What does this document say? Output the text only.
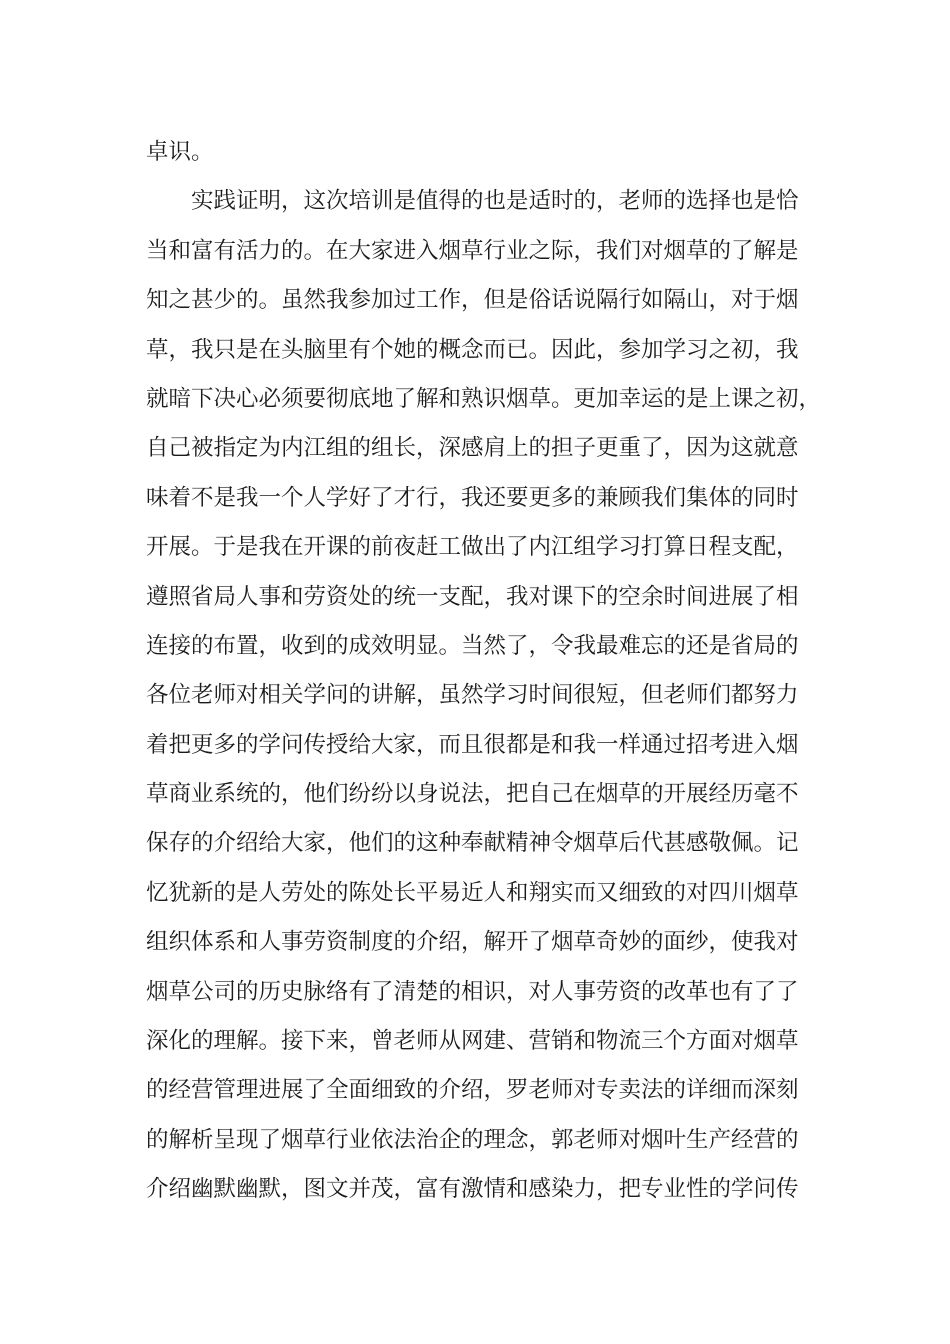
卓识。
实践证明，这次培训是值得的也是适时的，老师的选择也是恰
当和富有活力的。在大家进入烟草行业之际，我们对烟草的了解是
知之甚少的。虽然我参加过工作，但是俗话说隔行如隔山，对于烟
草，我只是在头脑里有个她的概念而已。因此，参加学习之初，我
就暗下决心必须要彻底地了解和熟识烟草。更加幸运的是上课之初，
自己被指定为内江组的组长，深感肩上的担子更重了，因为这就意
味着不是我一个人学好了才行，我还要更多的兼顾我们集体的同时
开展。于是我在开课的前夜赶工做出了内江组学习打算日程支配，
遵照省局人事和劳资处的统一支配，我对课下的空余时间进展了相
连接的布置，收到的成效明显。当然了，令我最难忘的还是省局的
各位老师对相关学问的讲解，虽然学习时间很短，但老师们都努力
着把更多的学问传授给大家，而且很都是和我一样通过招考进入烟
草商业系统的，他们纷纷以身说法，把自己在烟草的开展经历毫不
保存的介绍给大家，他们的这种奉献精神令烟草后代甚感敬佩。记
忆犹新的是人劳处的陈处长平易近人和翔实而又细致的对四川烟草
组织体系和人事劳资制度的介绍，解开了烟草奇妙的面纱，使我对
烟草公司的历史脉络有了清楚的相识，对人事劳资的改革也有了了
深化的理解。接下来，曾老师从网建、营销和物流三个方面对烟草
的经营管理进展了全面细致的介绍，罗老师对专卖法的详细而深刻
的解析呈现了烟草行业依法治企的理念，郭老师对烟叶生产经营的
介绍幽默幽默，图文并茂，富有激情和感染力，把专业性的学问传
